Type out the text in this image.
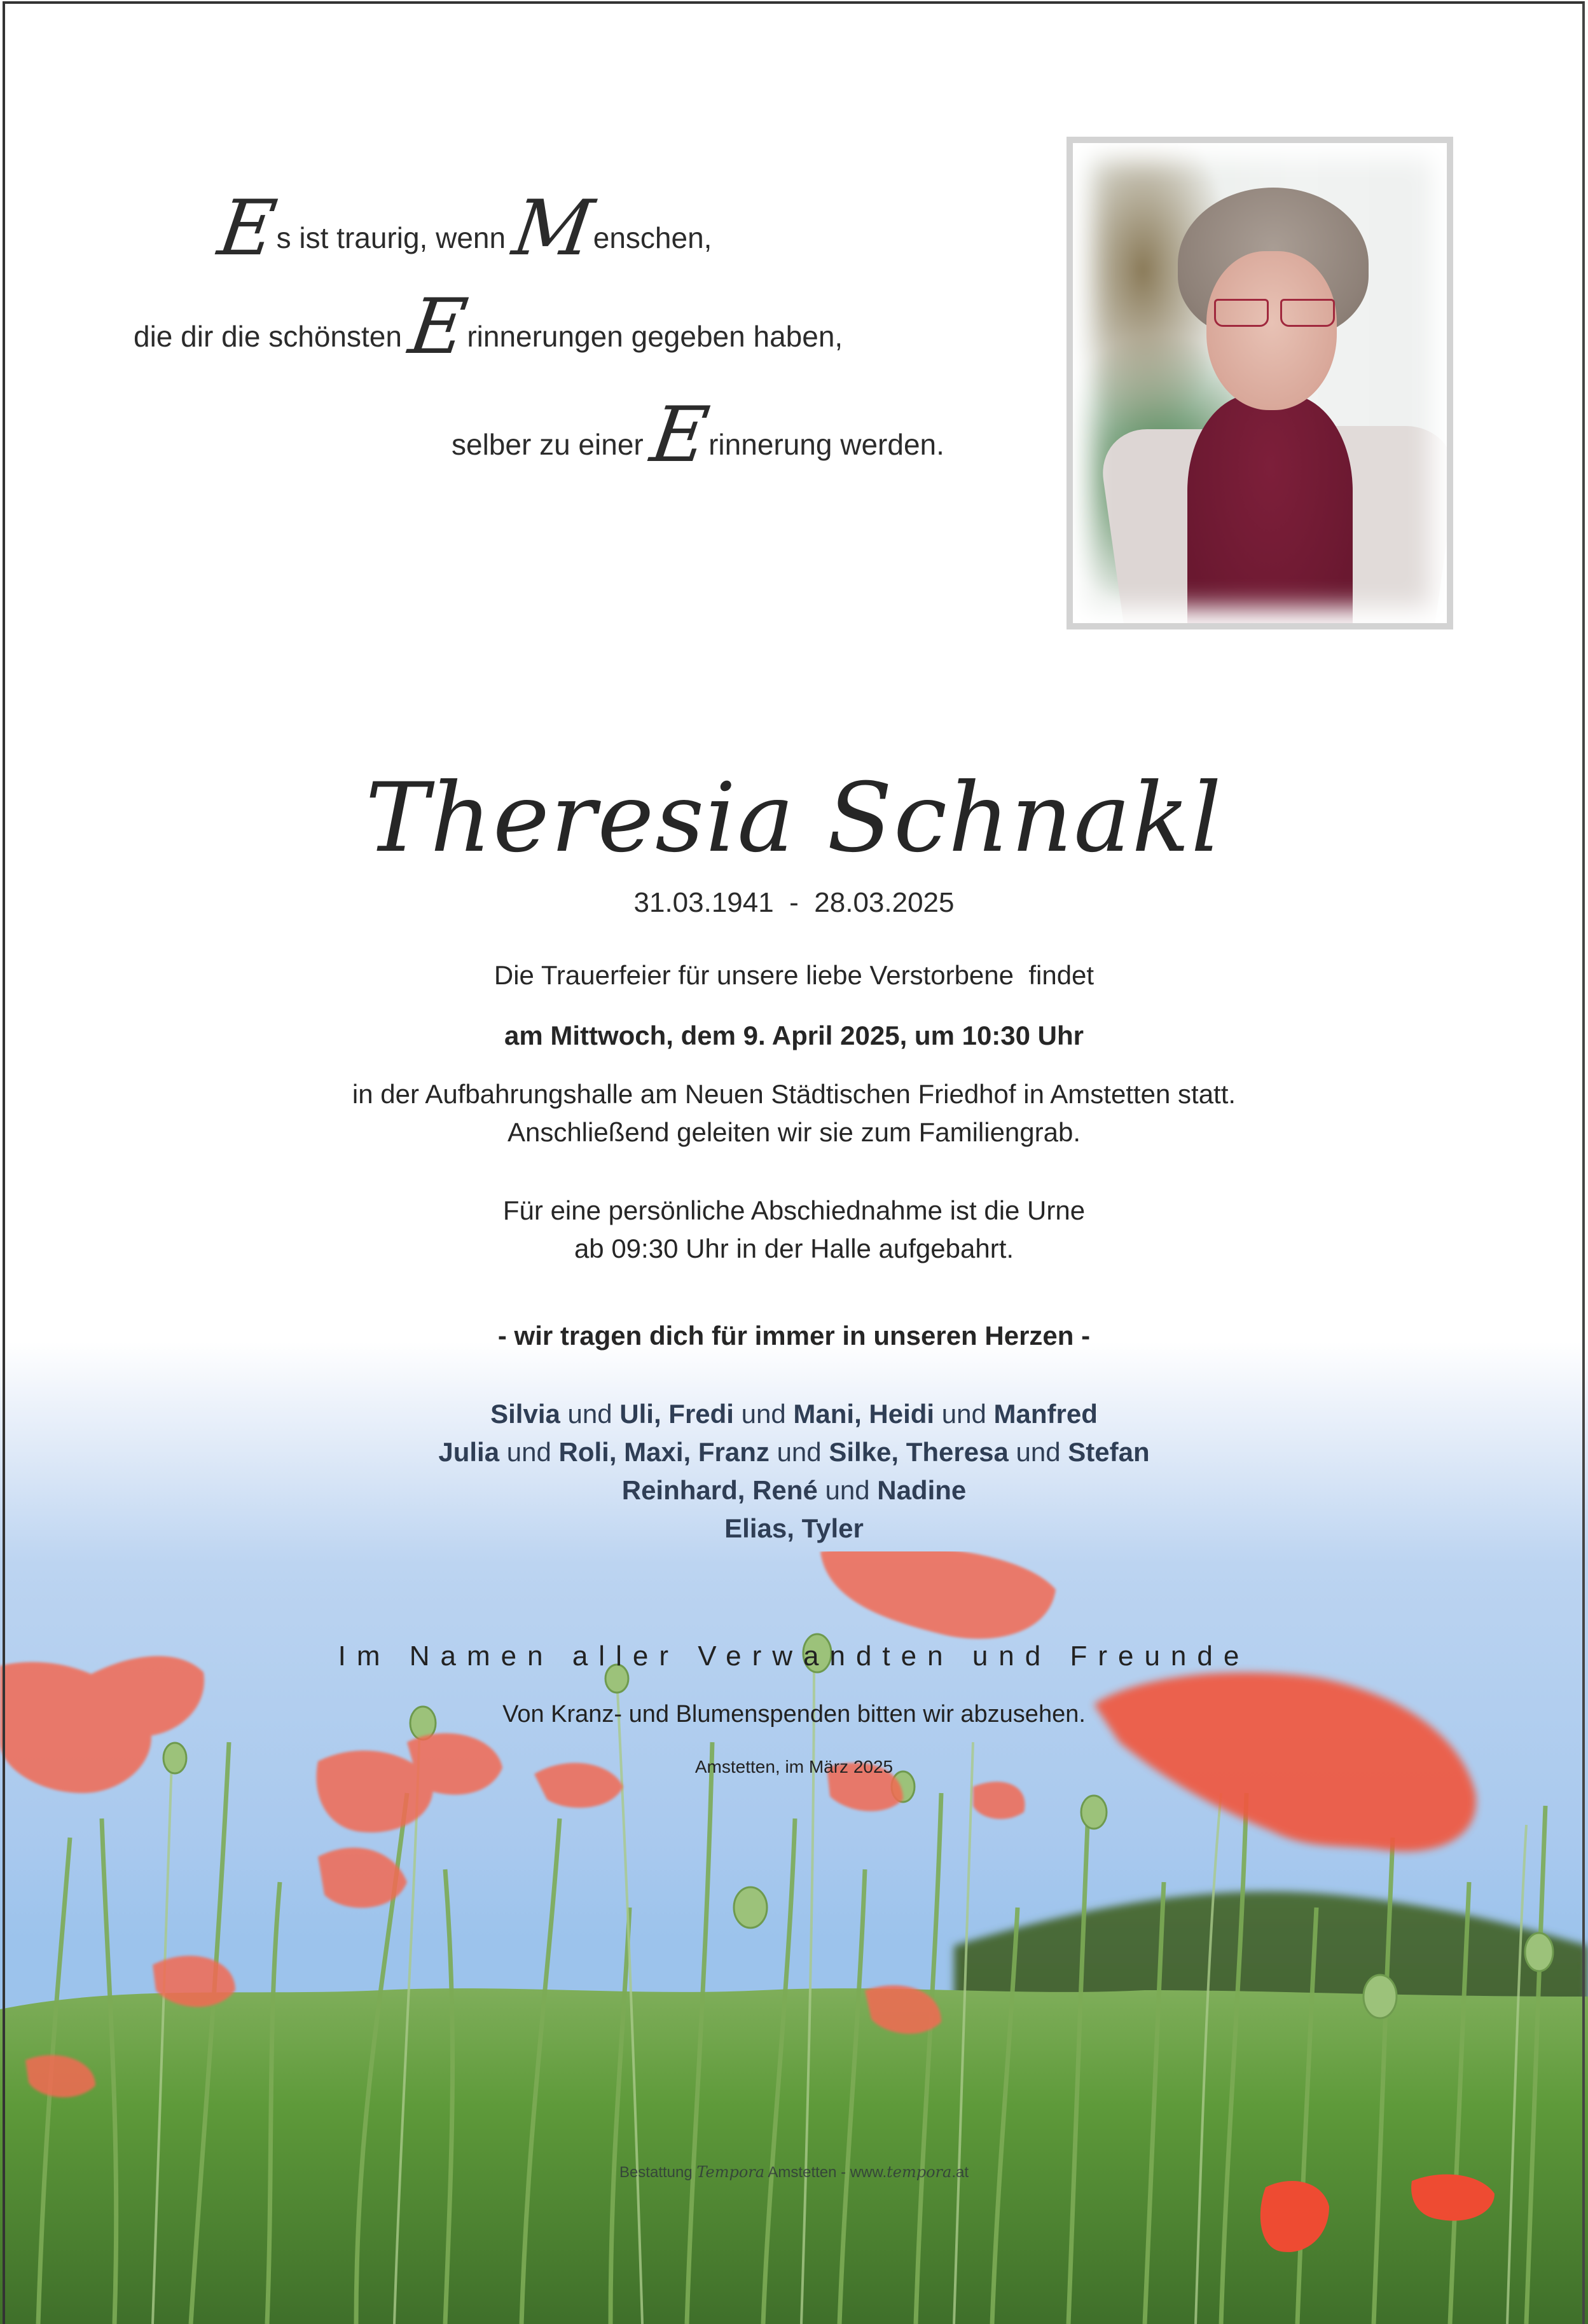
Es ist traurig, wenn Menschen,
die dir die schönsten Erinnerungen gegeben haben,
selber zu einer Erinnerung werden.
Theresia Schnakl
31.03.1941 - 28.03.2025
Die Trauerfeier für unsere liebe Verstorbene  findet
am Mittwoch, dem 9. April 2025, um 10:30 Uhr
in der Aufbahrungshalle am Neuen Städtischen Friedhof in Amstetten statt.
Anschließend geleiten wir sie zum Familiengrab.
Für eine persönliche Abschiednahme ist die Urne
ab 09:30 Uhr in der Halle aufgebahrt.
- wir tragen dich für immer in unseren Herzen -
Silvia und Uli, Fredi und Mani, Heidi und Manfred
Julia und Roli, Maxi, Franz und Silke, Theresa und Stefan
Reinhard, René und Nadine
Elias, Tyler
Im Namen aller Verwandten und Freunde
Von Kranz- und Blumenspenden bitten wir abzusehen.
Amstetten, im März 2025
Bestattung Tempora Amstetten - www.tempora.at
